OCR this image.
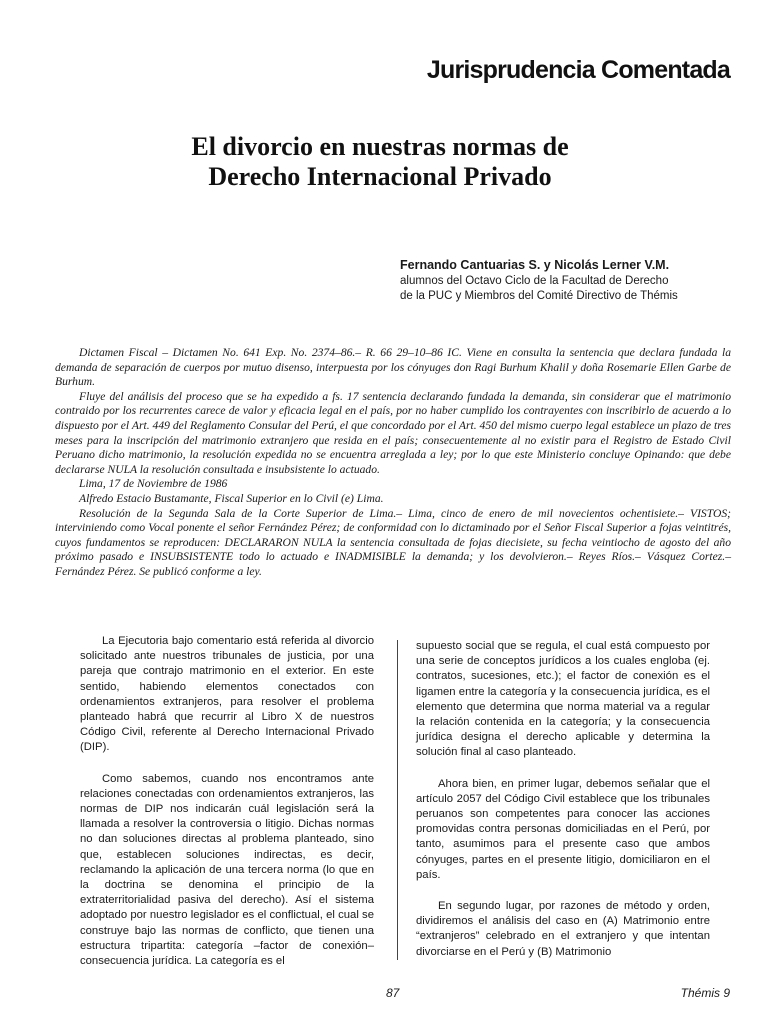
Jurisprudencia Comentada
El divorcio en nuestras normas de
Derecho Internacional Privado
Fernando Cantuarias S. y Nicolás Lerner V.M.
alumnos del Octavo Ciclo de la Facultad de Derecho
de la PUC y Miembros del Comité Directivo de Thémis

Dictamen Fiscal – Dictamen No. 641 Exp. No. 2374–86.– R. 66 29–10–86 IC. Viene en consulta la sentencia que declara fundada la demanda de separación de cuerpos por mutuo disenso, interpuesta por los cónyuges don Ragi Burhum Khalil y doña Rosemarie Ellen Garbe de Burhum.

Fluye del análisis del proceso que se ha expedido a fs. 17 sentencia declarando fundada la demanda, sin considerar que el matrimonio contraido por los recurrentes carece de valor y eficacia legal en el país, por no haber cumplido los contrayentes con inscribirlo de acuerdo a lo dispuesto por el Art. 449 del Reglamento Consular del Perú, el que concordado por el Art. 450 del mismo cuerpo legal establece un plazo de tres meses para la inscripción del matrimonio extranjero que resida en el país; consecuentemente al no existir para el Registro de Estado Civil Peruano dicho matrimonio, la resolución expedida no se encuentra arreglada a ley; por lo que este Ministerio concluye Opinando: que debe declararse NULA la resolución consultada e insubsistente lo actuado.

Lima, 17 de Noviembre de 1986

Alfredo Estacio Bustamante, Fiscal Superior en lo Civil (e) Lima.

Resolución de la Segunda Sala de la Corte Superior de Lima.– Lima, cinco de enero de mil novecientos ochentisiete.– VISTOS; interviniendo como Vocal ponente el señor Fernández Pérez; de conformidad con lo dictaminado por el Señor Fiscal Superior a fojas veintitrés, cuyos fundamentos se reproducen: DECLARARON NULA la sentencia consultada de fojas diecisiete, su fecha veintiocho de agosto del año próximo pasado e INSUBSISTENTE todo lo actuado e INADMISIBLE la demanda; y los devolvieron.– Reyes Ríos.– Vásquez Cortez.– Fernández Pérez. Se publicó conforme a ley.

La Ejecutoria bajo comentario está referida al divorcio solicitado ante nuestros tribunales de justicia, por una pareja que contrajo matrimonio en el exterior. En este sentido, habiendo elementos conectados con ordenamientos extranjeros, para resolver el problema planteado habrá que recurrir al Libro X de nuestros Código Civil, referente al Derecho Internacional Privado (DIP).

Como sabemos, cuando nos encontramos ante relaciones conectadas con ordenamientos extranjeros, las normas de DIP nos indicarán cuál legislación será la llamada a resolver la controversia o litigio. Dichas normas no dan soluciones directas al problema planteado, sino que, establecen soluciones indirectas, es decir, reclamando la aplicación de una tercera norma (lo que en la doctrina se denomina el principio de la extraterritorialidad pasiva del derecho). Así el sistema adoptado por nuestro legislador es el conflictual, el cual se construye bajo las normas de conflicto, que tienen una estructura tripartita: categoría –factor de conexión– consecuencia jurídica. La categoría es el

supuesto social que se regula, el cual está compuesto por una serie de conceptos jurídicos a los cuales engloba (ej. contratos, sucesiones, etc.); el factor de conexión es el ligamen entre la categoría y la consecuencia jurídica, es el elemento que determina que norma material va a regular la relación contenida en la categoría; y la consecuencia jurídica designa el derecho aplicable y determina la solución final al caso planteado.

Ahora bien, en primer lugar, debemos señalar que el artículo 2057 del Código Civil establece que los tribunales peruanos son competentes para conocer las acciones promovidas contra personas domiciliadas en el Perú, por tanto, asumimos para el presente caso que ambos cónyuges, partes en el presente litigio, domiciliaron en el país.

En segundo lugar, por razones de método y orden, dividiremos el análisis del caso en (A) Matrimonio entre “extranjeros” celebrado en el extranjero y que intentan divorciarse en el Perú y (B) Matrimonio

87	Thémis 9
